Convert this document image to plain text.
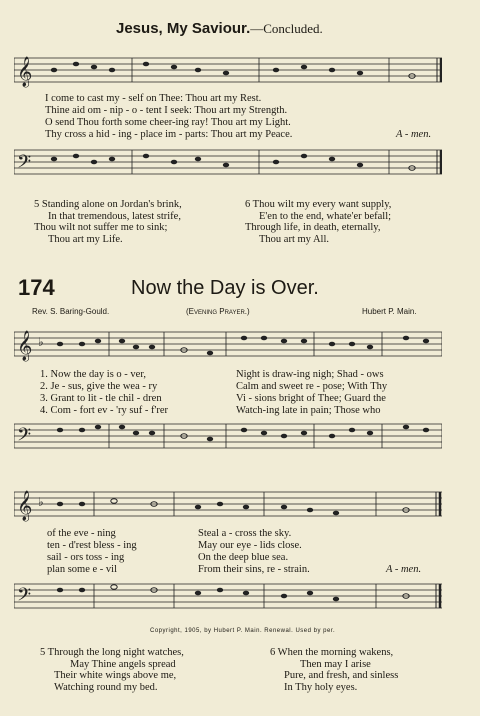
Jesus, My Saviour.—Concluded.
𝄞
I come to cast my - self on Thee: Thou art my Rest.
Thine aid om - nip - o - tent I seek: Thou art my Strength.
O send Thou forth some cheer-ing ray! Thou art my Light.
Thy cross a hid - ing - place im - parts: Thou art my Peace.	A - men.
𝄢
5 Standing alone on Jordan's brink,
In that tremendous, latest strife,
Thou wilt not suffer me to sink;
Thou art my Life.
6 Thou wilt my every want supply,
E'en to the end, whate'er befall;
Through life, in death, eternally,
Thou art my All.
174	Now the Day is Over.
Rev. S. Baring-Gould.	(Evening Prayer.)	Hubert P. Main.
𝄞 ♭
1. Now the day is o - ver,
2. Je - sus, give the wea - ry
3. Grant to lit - tle chil - dren
4. Com - fort ev - 'ry suf - f'rer
Night is draw-ing nigh; Shad - ows
Calm and sweet re - pose; With Thy
Vi - sions bright of Thee; Guard the
Watch-ing late in pain; Those who
𝄢
𝄞 ♭
of the eve - ning
ten - d'rest bless - ing
sail - ors toss - ing
plan some e - vil
Steal a - cross the sky.
May our eye - lids close.
On the deep blue sea.
From their sins, re - strain.	A - men.
𝄢
Copyright, 1905, by Hubert P. Main. Renewal. Used by per.
5 Through the long night watches,
May Thine angels spread
Their white wings above me,
Watching round my bed.
6 When the morning wakens,
Then may I arise
Pure, and fresh, and sinless
In Thy holy eyes.
